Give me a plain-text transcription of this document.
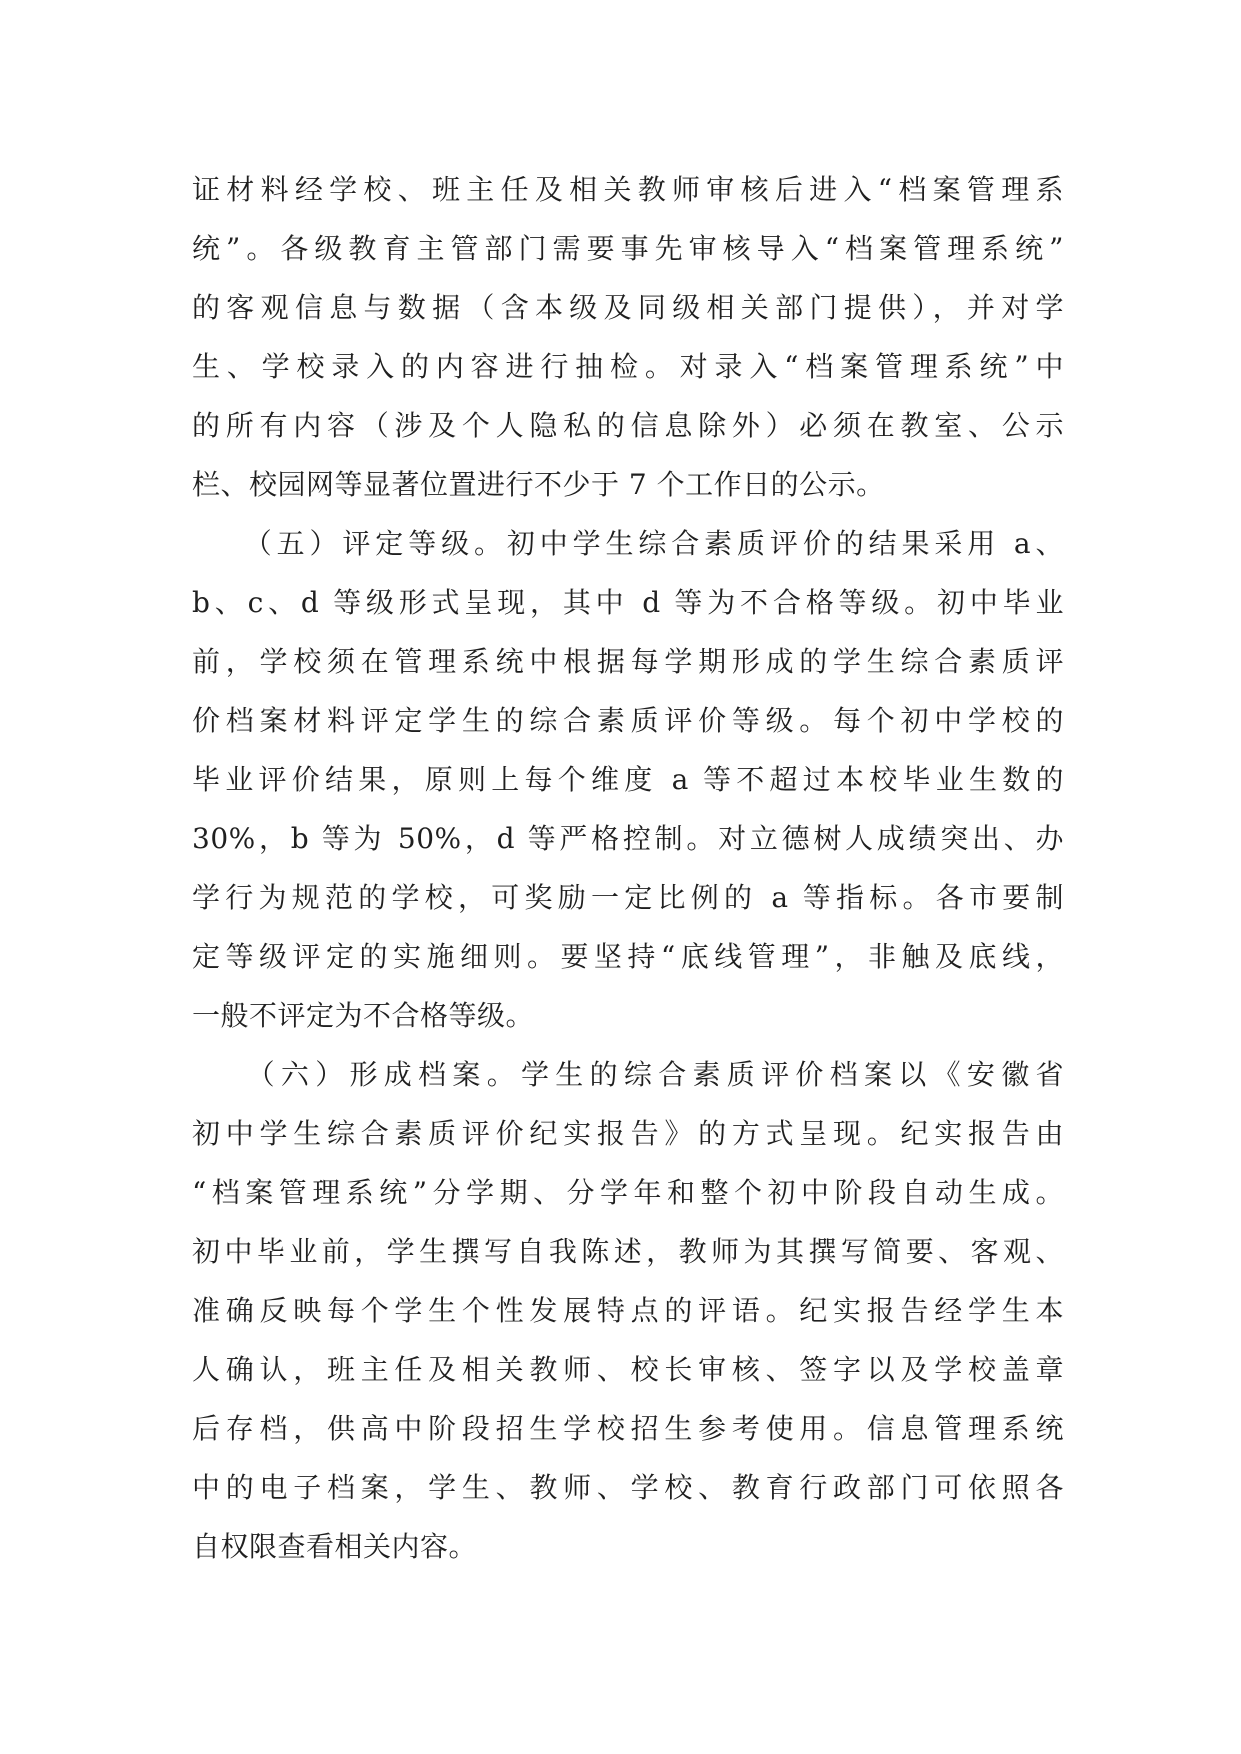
证材料经学校、班主任及相关教师审核后进入“档案管理系
统”。各级教育主管部门需要事先审核导入“档案管理系统”
的客观信息与数据（含本级及同级相关部门提供），并对学
生、学校录入的内容进行抽检。对录入“档案管理系统”中
的所有内容（涉及个人隐私的信息除外）必须在教室、公示
栏、校园网等显著位置进行不少于 7 个工作日的公示。
　　（五）评定等级。初中学生综合素质评价的结果采用 a、
b、c、d 等级形式呈现，其中 d 等为不合格等级。初中毕业
前，学校须在管理系统中根据每学期形成的学生综合素质评
价档案材料评定学生的综合素质评价等级。每个初中学校的
毕业评价结果，原则上每个维度 a 等不超过本校毕业生数的
30%，b 等为 50%，d 等严格控制。对立德树人成绩突出、办
学行为规范的学校，可奖励一定比例的 a 等指标。各市要制
定等级评定的实施细则。要坚持“底线管理”，非触及底线，
一般不评定为不合格等级。
　　（六）形成档案。学生的综合素质评价档案以《安徽省
初中学生综合素质评价纪实报告》的方式呈现。纪实报告由
“档案管理系统”分学期、分学年和整个初中阶段自动生成。
初中毕业前，学生撰写自我陈述，教师为其撰写简要、客观、
准确反映每个学生个性发展特点的评语。纪实报告经学生本
人确认，班主任及相关教师、校长审核、签字以及学校盖章
后存档，供高中阶段招生学校招生参考使用。信息管理系统
中的电子档案，学生、教师、学校、教育行政部门可依照各
自权限查看相关内容。
